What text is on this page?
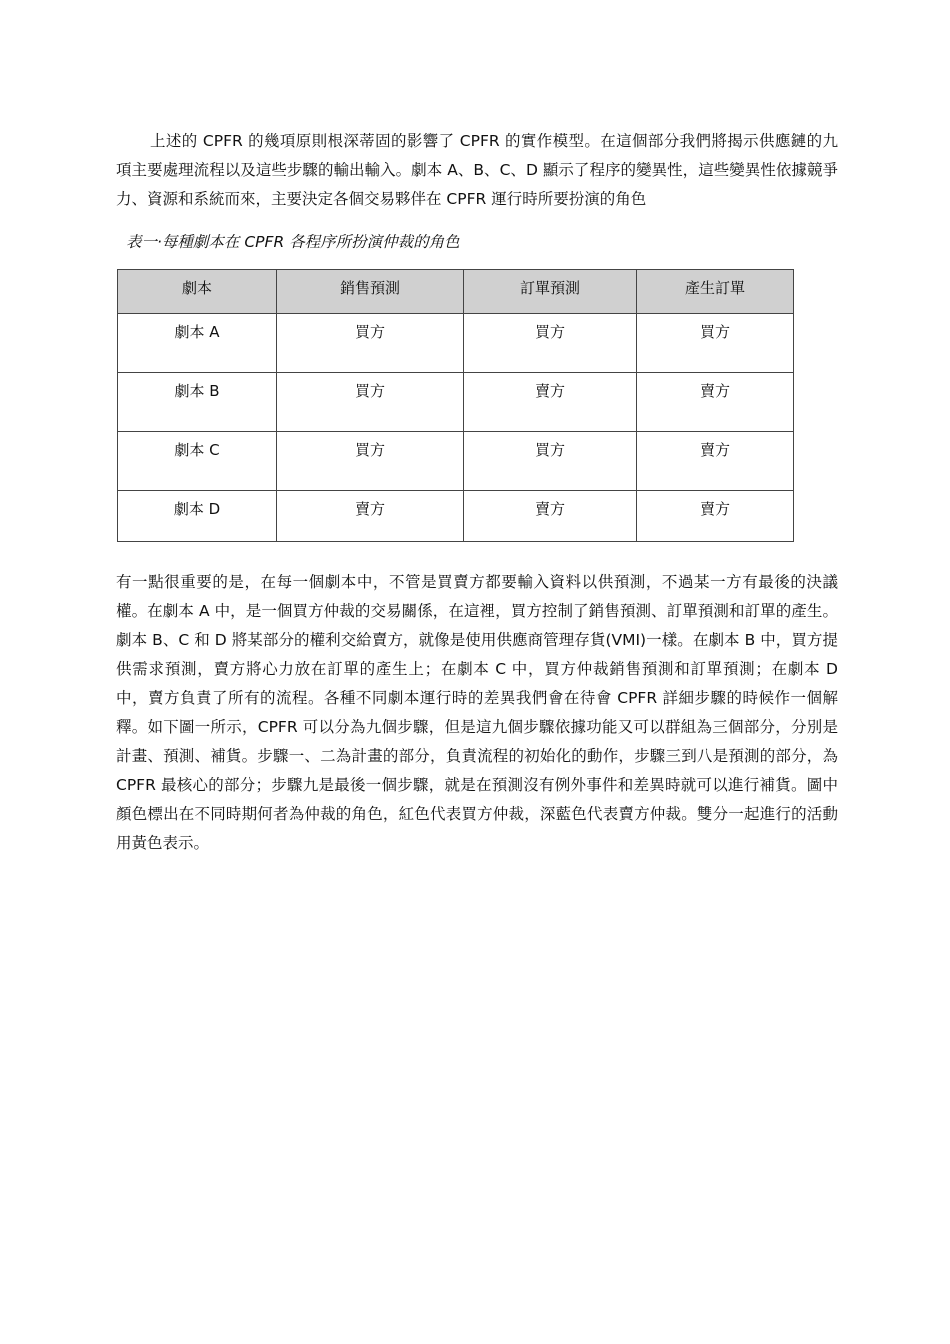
上述的 CPFR 的幾項原則根深蒂固的影響了 CPFR 的實作模型。在這個部分我們將揭示供應鏈的九項主要處理流程以及這些步驟的輸出輸入。劇本 A、B、C、D 顯示了程序的變異性，這些變異性依據競爭力、資源和系統而來，主要決定各個交易夥伴在 CPFR 運行時所要扮演的角色

表一·每種劇本在 CPFR 各程序所扮演仲裁的角色
劇本	銷售預測	訂單預測	產生訂單
劇本 A	買方	買方	買方
劇本 B	買方	賣方	賣方
劇本 C	買方	買方	賣方
劇本 D	賣方	賣方	賣方

有一點很重要的是，在每一個劇本中，不管是買賣方都要輸入資料以供預測，不過某一方有最後的決議權。在劇本 A 中，是一個買方仲裁的交易關係，在這裡，買方控制了銷售預測、訂單預測和訂單的產生。劇本 B、C 和 D 將某部分的權利交給賣方，就像是使用供應商管理存貨(VMI)一樣。在劇本 B 中，買方提供需求預測，賣方將心力放在訂單的產生上；在劇本 C 中，買方仲裁銷售預測和訂單預測；在劇本 D 中，賣方負責了所有的流程。各種不同劇本運行時的差異我們會在待會 CPFR 詳細步驟的時候作一個解釋。如下圖一所示，CPFR 可以分為九個步驟，但是這九個步驟依據功能又可以群組為三個部分，分別是計畫、預測、補貨。步驟一、二為計畫的部分，負責流程的初始化的動作，步驟三到八是預測的部分，為 CPFR 最核心的部分；步驟九是最後一個步驟，就是在預測沒有例外事件和差異時就可以進行補貨。圖中顏色標出在不同時期何者為仲裁的角色，紅色代表買方仲裁，深藍色代表賣方仲裁。雙分一起進行的活動用黃色表示。
